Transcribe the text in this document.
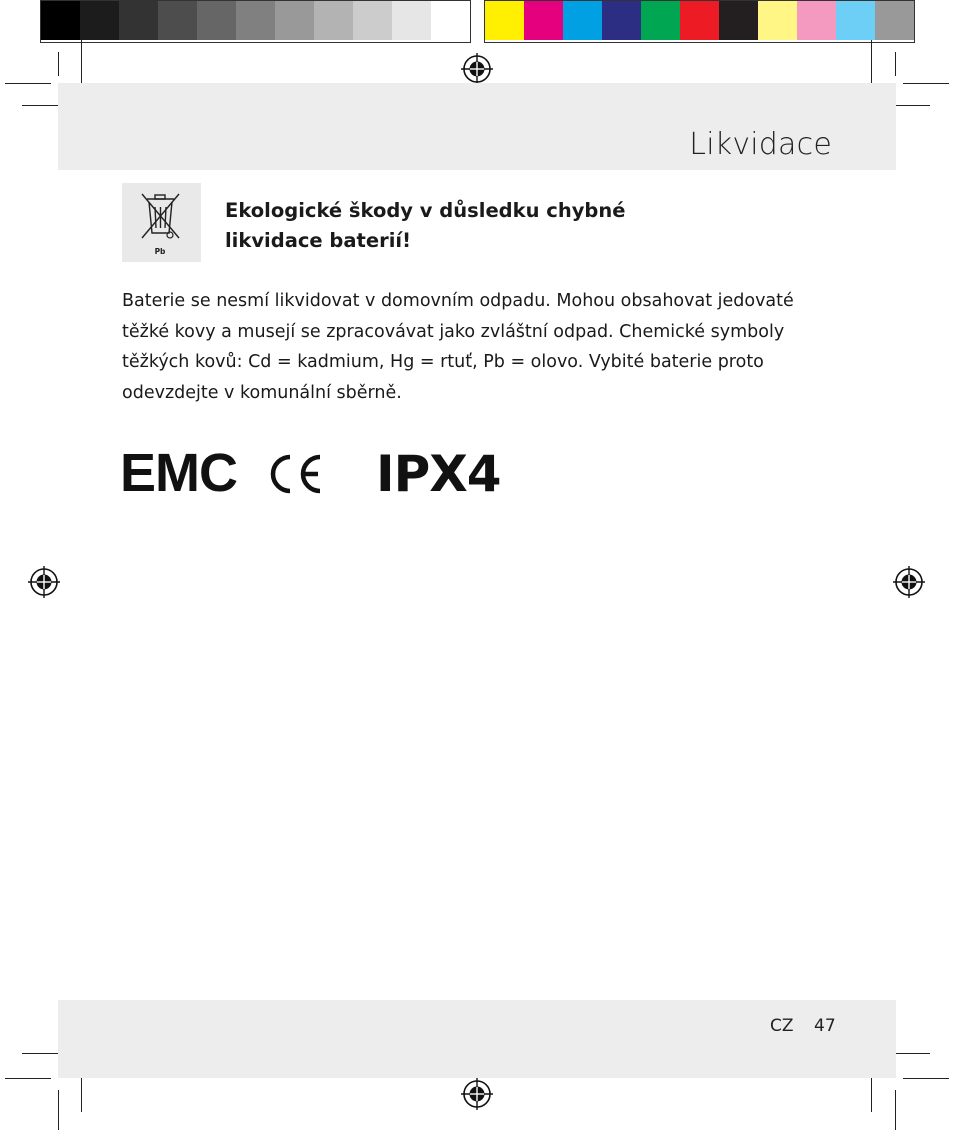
Likvidace
Pb

Ekologické škody v důsledku chybné
likvidace baterií!

Baterie se nesmí likvidovat v domovním odpadu. Mohou obsahovat jedovaté
těžké kovy a musejí se zpracovávat jako zvláštní odpad. Chemické symboly
těžkých kovů: Cd = kadmium, Hg = rtuť, Pb = olovo. Vybité baterie proto
odevzdejte v komunální sběrně.

EMC	IPX4
CZ 47
